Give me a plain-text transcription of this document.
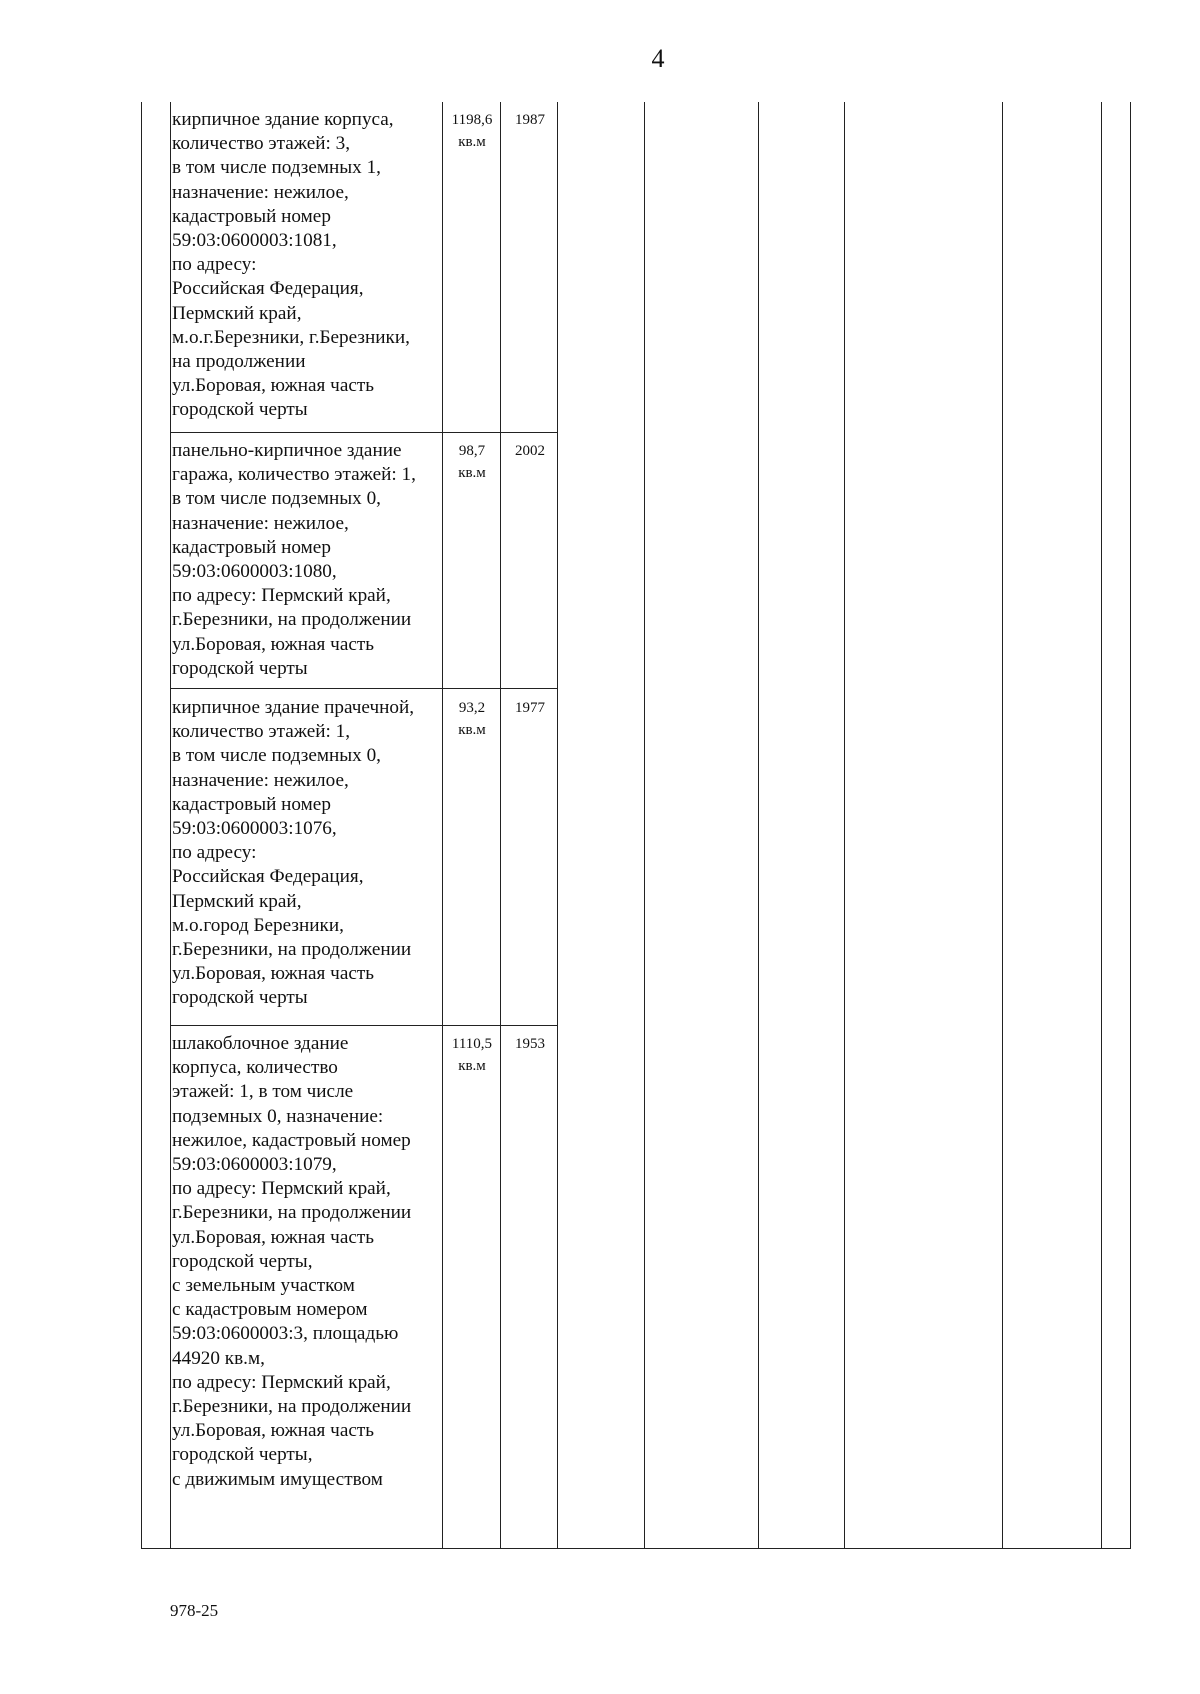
4
кирпичное здание корпуса,
количество этажей: 3,
в том числе подземных 1,
назначение: нежилое,
кадастровый номер
59:03:0600003:1081,
по адресу:
Российская Федерация,
Пермский край,
м.о.г.Березники, г.Березники,
на продолжении
ул.Боровая, южная часть
городской черты
1198,6
кв.м
1987
панельно-кирпичное здание
гаража, количество этажей: 1,
в том числе подземных 0,
назначение: нежилое,
кадастровый номер
59:03:0600003:1080,
по адресу: Пермский край,
г.Березники, на продолжении
ул.Боровая, южная часть
городской черты
98,7
кв.м
2002
кирпичное здание прачечной,
количество этажей: 1,
в том числе подземных 0,
назначение: нежилое,
кадастровый номер
59:03:0600003:1076,
по адресу:
Российская Федерация,
Пермский край,
м.о.город Березники,
г.Березники, на продолжении
ул.Боровая, южная часть
городской черты
93,2
кв.м
1977
шлакоблочное здание
корпуса, количество
этажей: 1, в том числе
подземных 0, назначение:
нежилое, кадастровый номер
59:03:0600003:1079,
по адресу: Пермский край,
г.Березники, на продолжении
ул.Боровая, южная часть
городской черты,
с земельным участком
с кадастровым номером
59:03:0600003:3, площадью
44920 кв.м,
по адресу: Пермский край,
г.Березники, на продолжении
ул.Боровая, южная часть
городской черты,
с движимым имуществом
1110,5
кв.м
1953
978-25
